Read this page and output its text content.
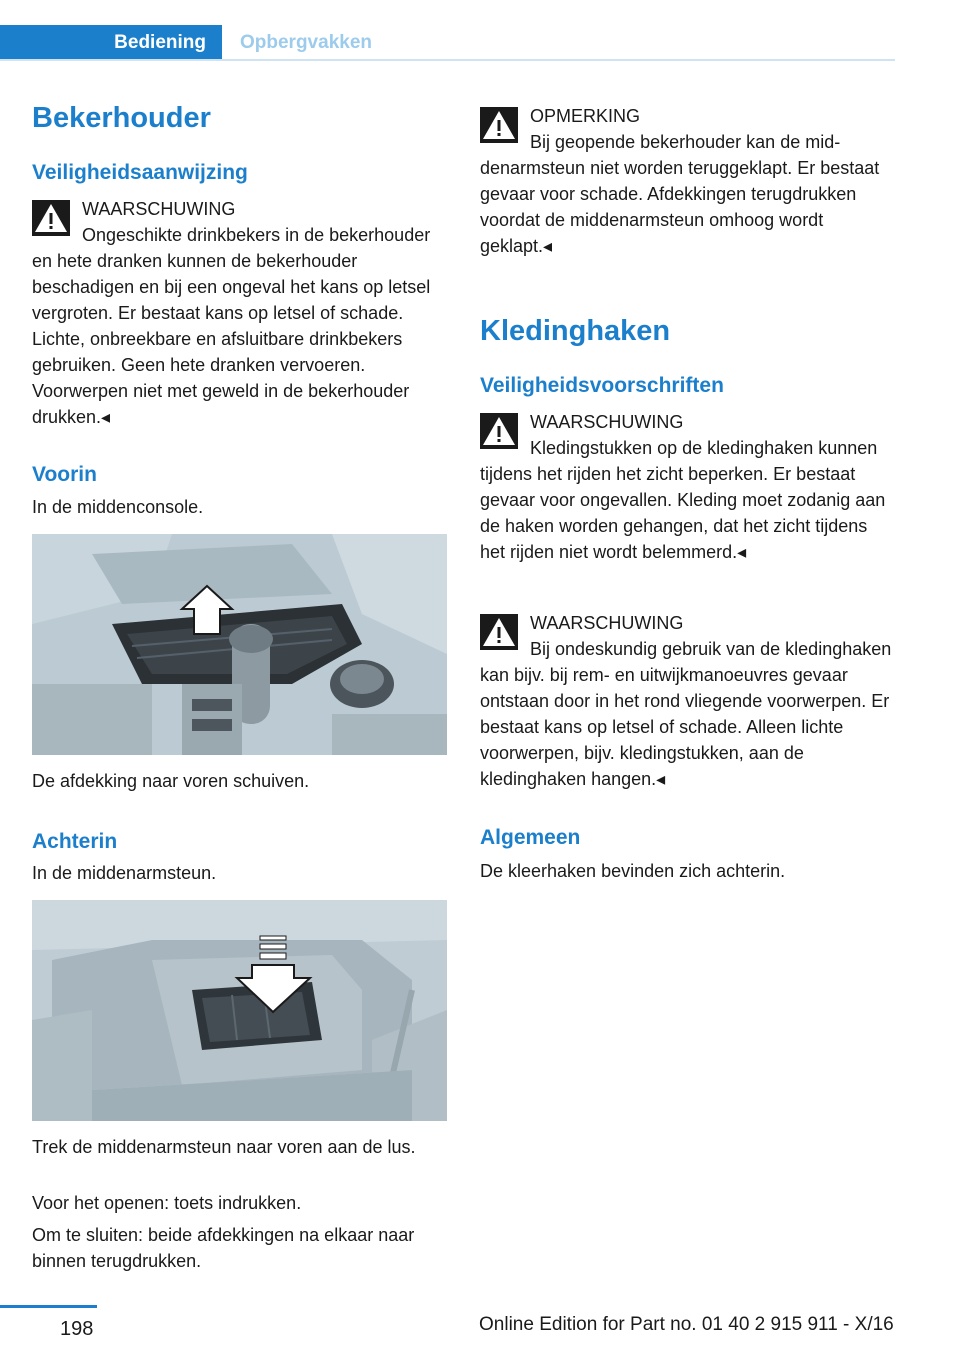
Bediening	Opbergvakken
Bekerhouder
Veiligheidsaanwijzing
WAARSCHUWING
Ongeschikte drinkbekers in de bekerhouder en hete dranken kunnen de bekerhouder beschadigen en bij een ongeval het kans op letsel vergroten. Er bestaat kans op letsel of schade. Lichte, onbreekbare en afsluitbare drinkbekers gebruiken. Geen hete dranken vervoeren. Voorwerpen niet met geweld in de bekerhouder drukken.◂
Voorin

In de middenconsole.

De afdekking naar voren schuiven.

Achterin

In de middenarmsteun.

Trek de middenarmsteun naar voren aan de lus.

Voor het openen: toets indrukken.

Om te sluiten: beide afdekkingen na elkaar naar binnen terugdrukken.

OPMERKING
Bij geopende bekerhouder kan de middenarmsteun niet worden teruggeklapt. Er bestaat gevaar voor schade. Afdekkingen terugdrukken voordat de middenarmsteun omhoog wordt geklapt.◂
Kledinghaken
Veiligheidsvoorschriften
WAARSCHUWING
Kledingstukken op de kledinghaken kunnen tijdens het rijden het zicht beperken. Er bestaat gevaar voor ongevallen. Kleding moet zodanig aan de haken worden gehangen, dat het zicht tijdens het rijden niet wordt belemmerd.◂
WAARSCHUWING
Bij ondeskundig gebruik van de kledinghaken kan bijv. bij rem- en uitwijkmanoeuvres gevaar ontstaan door in het rond vliegende voorwerpen. Er bestaat kans op letsel of schade. Alleen lichte voorwerpen, bijv. kledingstukken, aan de kledinghaken hangen.◂
Algemeen

De kleerhaken bevinden zich achterin.

198	Online Edition for Part no. 01 40 2 915 911 - X/16
